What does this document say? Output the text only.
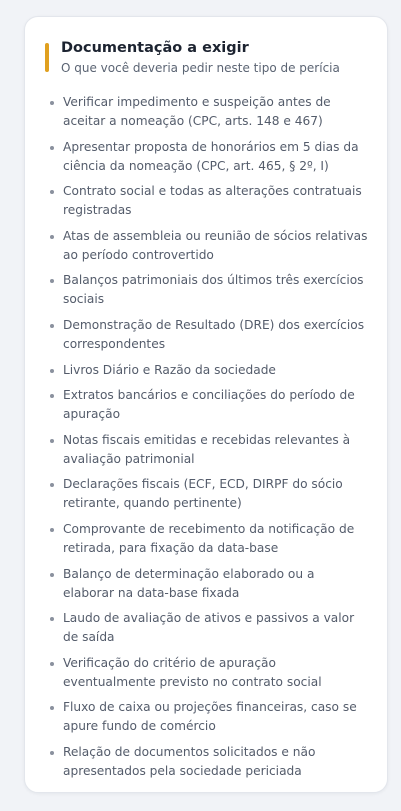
Documentação a exigir
O que você deveria pedir neste tipo de perícia
Verificar impedimento e suspeição antes de aceitar a nomeação (CPC, arts. 148 e 467)
Apresentar proposta de honorários em 5 dias da ciência da nomeação (CPC, art. 465, § 2º, I)
Contrato social e todas as alterações contratuais registradas
Atas de assembleia ou reunião de sócios relativas ao período controvertido
Balanços patrimoniais dos últimos três exercícios sociais
Demonstração de Resultado (DRE) dos exercícios correspondentes
Livros Diário e Razão da sociedade
Extratos bancários e conciliações do período de apuração
Notas fiscais emitidas e recebidas relevantes à avaliação patrimonial
Declarações fiscais (ECF, ECD, DIRPF do sócio retirante, quando pertinente)
Comprovante de recebimento da notificação de retirada, para fixação da data-base
Balanço de determinação elaborado ou a elaborar na data-base fixada
Laudo de avaliação de ativos e passivos a valor de saída
Verificação do critério de apuração eventualmente previsto no contrato social
Fluxo de caixa ou projeções financeiras, caso se apure fundo de comércio
Relação de documentos solicitados e não apresentados pela sociedade periciada
